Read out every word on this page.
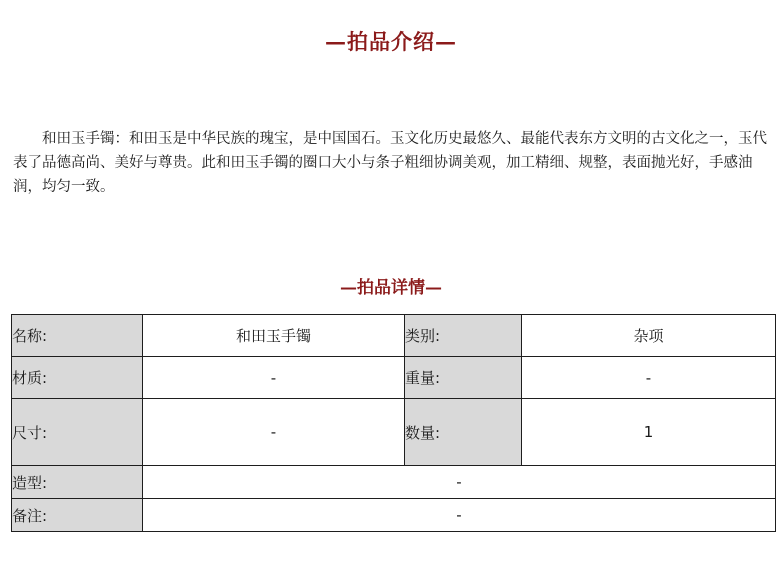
—拍品介绍—

和田玉手镯：和田玉是中华民族的瑰宝，是中国国石。玉文化历史最悠久、最能代表东方文明的古文化之一，玉代表了品德高尚、美好与尊贵。此和田玉手镯的圈口大小与条子粗细协调美观，加工精细、规整，表面抛光好，手感油润，均匀一致。

—拍品详情—
名称:	和田玉手镯	类别:	杂项
材质:	-	重量:	-
尺寸:	-	数量:	1
造型:	-		
备注:	-		
